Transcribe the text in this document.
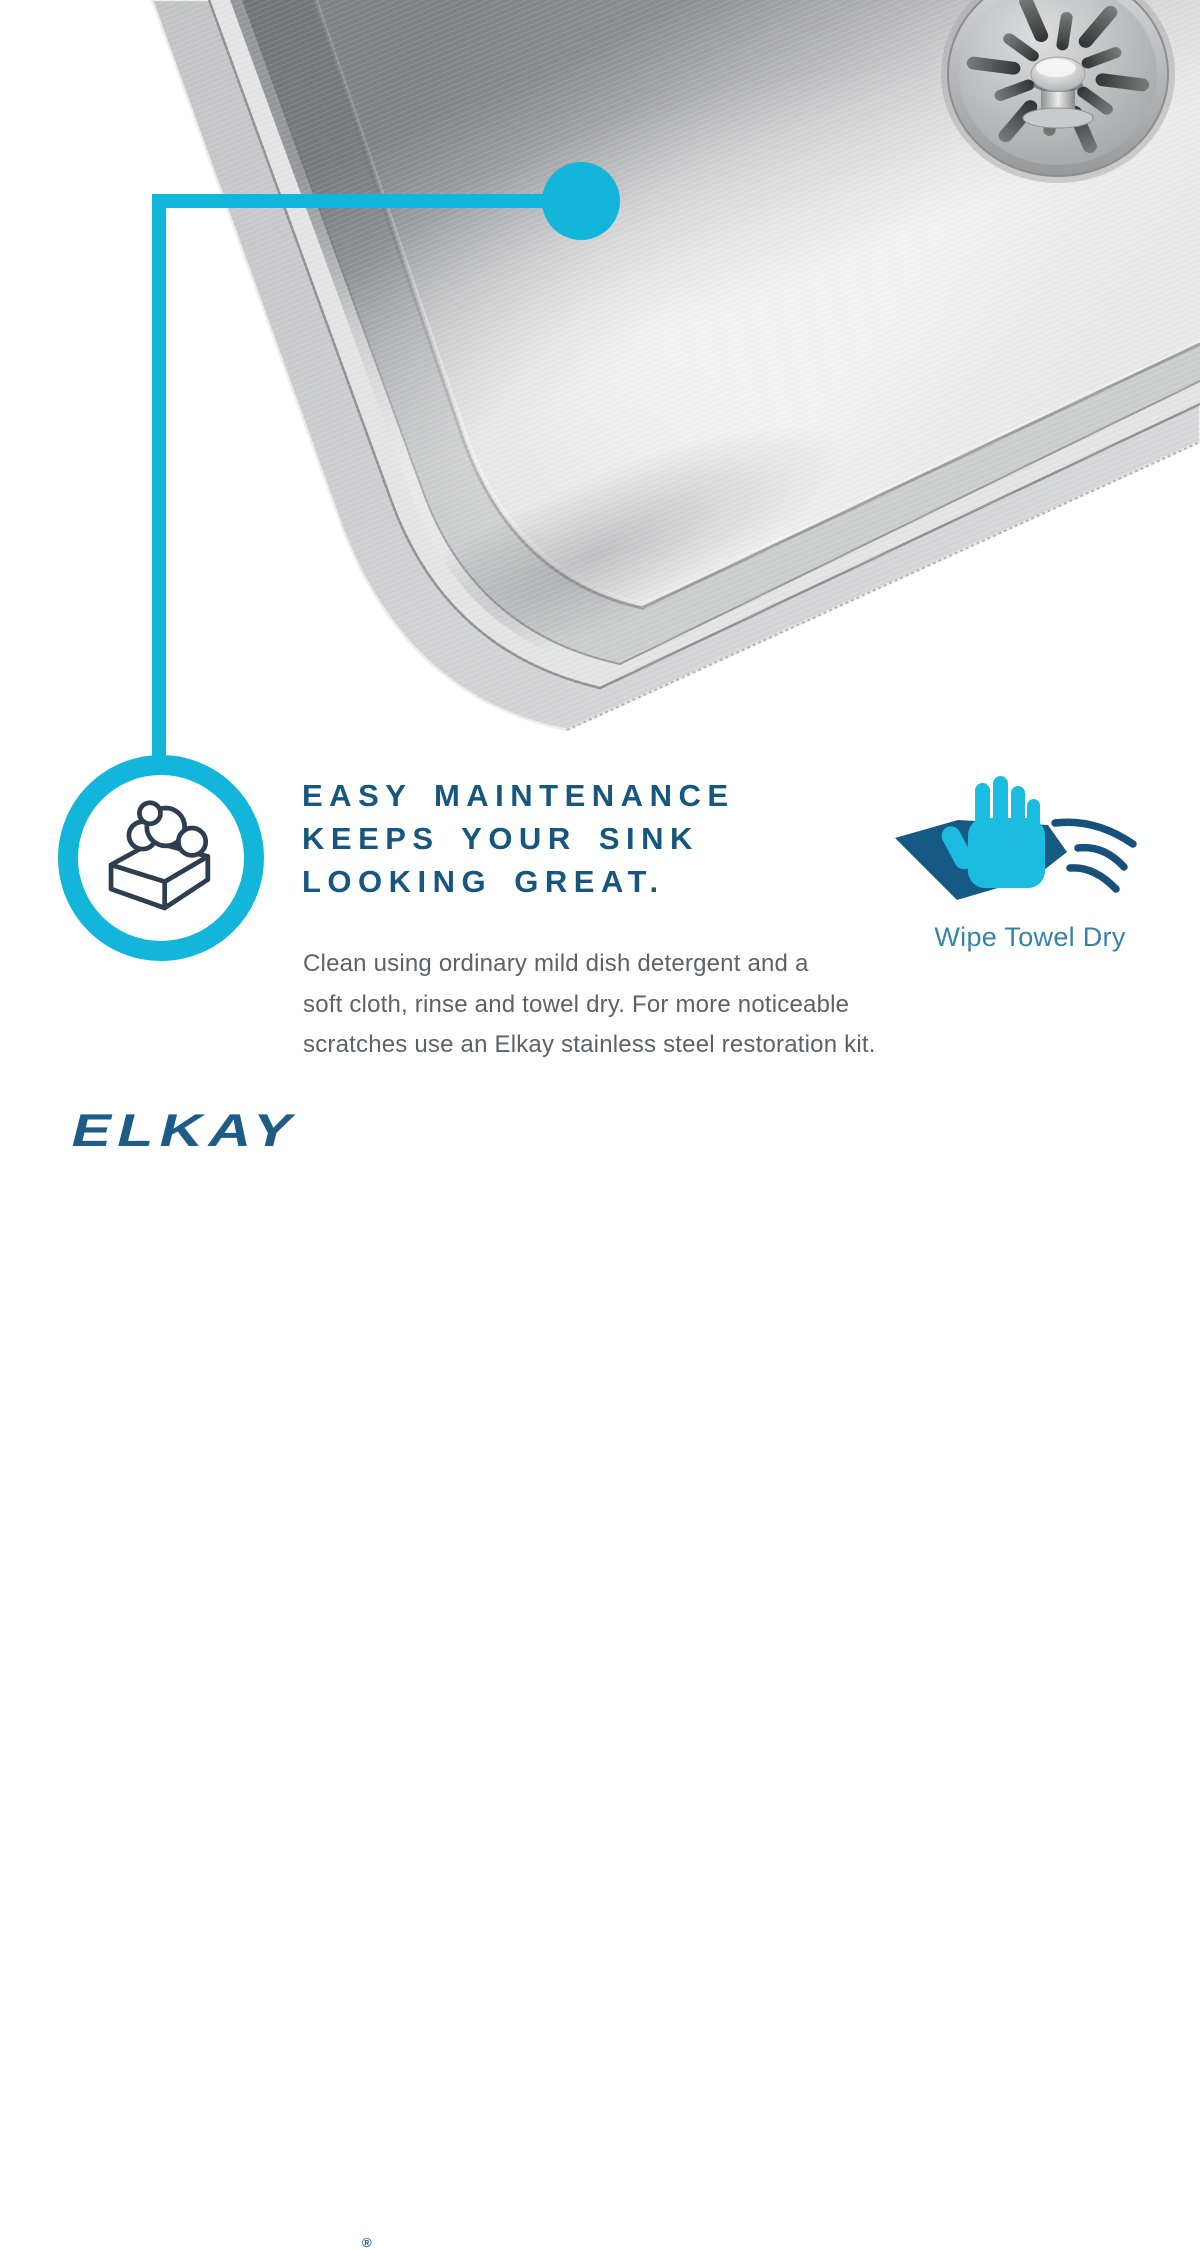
EASY MAINTENANCE
KEEPS YOUR SINK
LOOKING GREAT.
Clean using ordinary mild dish detergent and a
soft cloth, rinse and towel dry. For more noticeable
scratches use an Elkay stainless steel restoration kit.
Wipe Towel Dry
ELKAY
®
